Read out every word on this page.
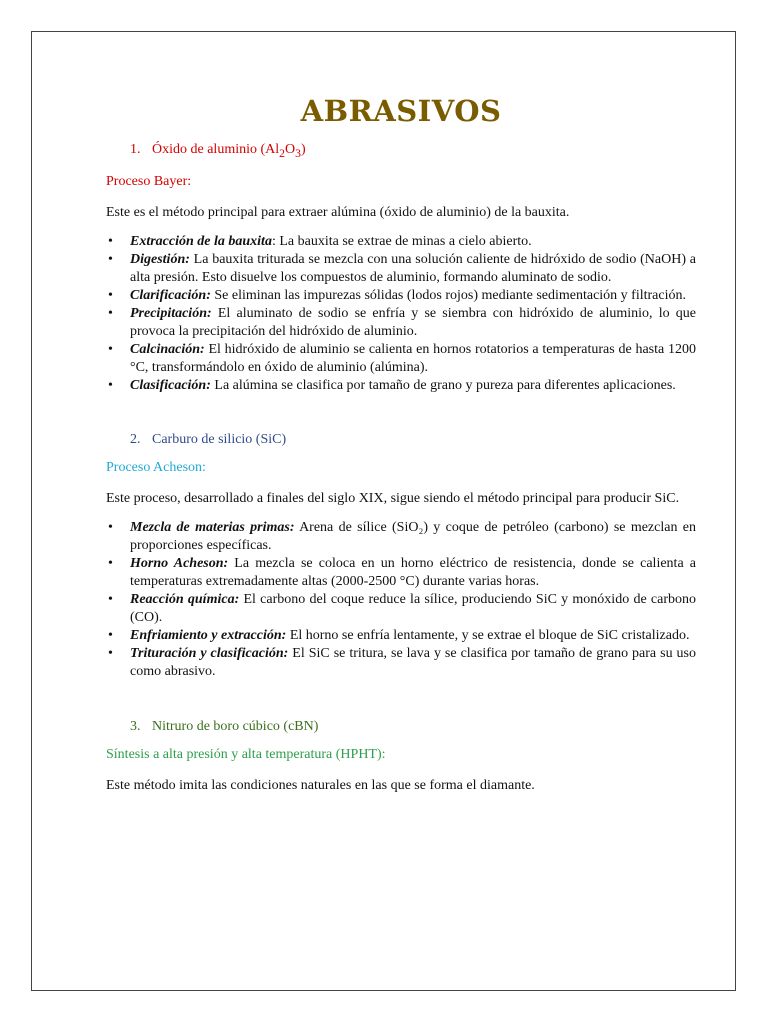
ABRASIVOS
1. Óxido de aluminio $(Al_2O_3)$
Proceso Bayer:

Este es el método principal para extraer alúmina (óxido de aluminio) de la bauxita.

• Extracción de la bauxita: La bauxita se extrae de minas a cielo abierto.
• Digestión: La bauxita triturada se mezcla con una solución caliente de hidróxido de sodio (NaOH) a alta presión. Esto disuelve los compuestos de aluminio, formando aluminato de sodio.
• Clarificación: Se eliminan las impurezas sólidas (lodos rojos) mediante sedimentación y filtración.
• Precipitación: El aluminato de sodio se enfría y se siembra con hidróxido de aluminio, lo que provoca la precipitación del hidróxido de aluminio.
• Calcinación: El hidróxido de aluminio se calienta en hornos rotatorios a temperaturas de hasta 1200 °C, transformándolo en óxido de aluminio (alúmina).
• Clasificación: La alúmina se clasifica por tamaño de grano y pureza para diferentes aplicaciones.
2. Carburo de silicio (SiC)
Proceso Acheson:

Este proceso, desarrollado a finales del siglo XIX, sigue siendo el método principal para producir SiC.

• Mezcla de materias primas: Arena de sílice (SiO₂) y coque de petróleo (carbono) se mezclan en proporciones específicas.
• Horno Acheson: La mezcla se coloca en un horno eléctrico de resistencia, donde se calienta a temperaturas extremadamente altas (2000-2500 °C) durante varias horas.
• Reacción química: El carbono del coque reduce la sílice, produciendo SiC y monóxido de carbono (CO).
• Enfriamiento y extracción: El horno se enfría lentamente, y se extrae el bloque de SiC cristalizado.
• Trituración y clasificación: El SiC se tritura, se lava y se clasifica por tamaño de grano para su uso como abrasivo.
3. Nitruro de boro cúbico (cBN)
Síntesis a alta presión y alta temperatura (HPHT):

Este método imita las condiciones naturales en las que se forma el diamante.
